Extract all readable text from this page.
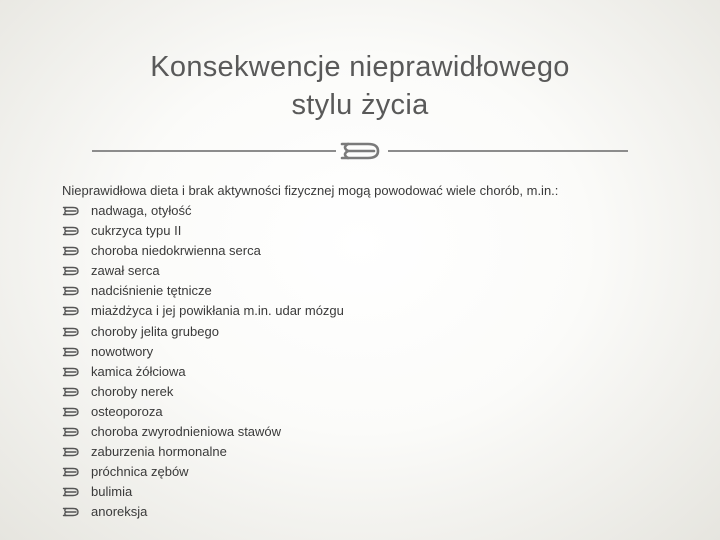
Konsekwencje nieprawidłowego
stylu życia
Nieprawidłowa dieta i brak aktywności fizycznej mogą powodować wiele chorób, m.in.:
nadwaga, otyłość
cukrzyca typu II
choroba niedokrwienna serca
zawał serca
nadciśnienie tętnicze
miażdżyca i jej powikłania m.in. udar mózgu
choroby jelita grubego
nowotwory
kamica żółciowa
choroby nerek
osteoporoza
choroba zwyrodnieniowa stawów
zaburzenia hormonalne
próchnica zębów
bulimia
anoreksja
